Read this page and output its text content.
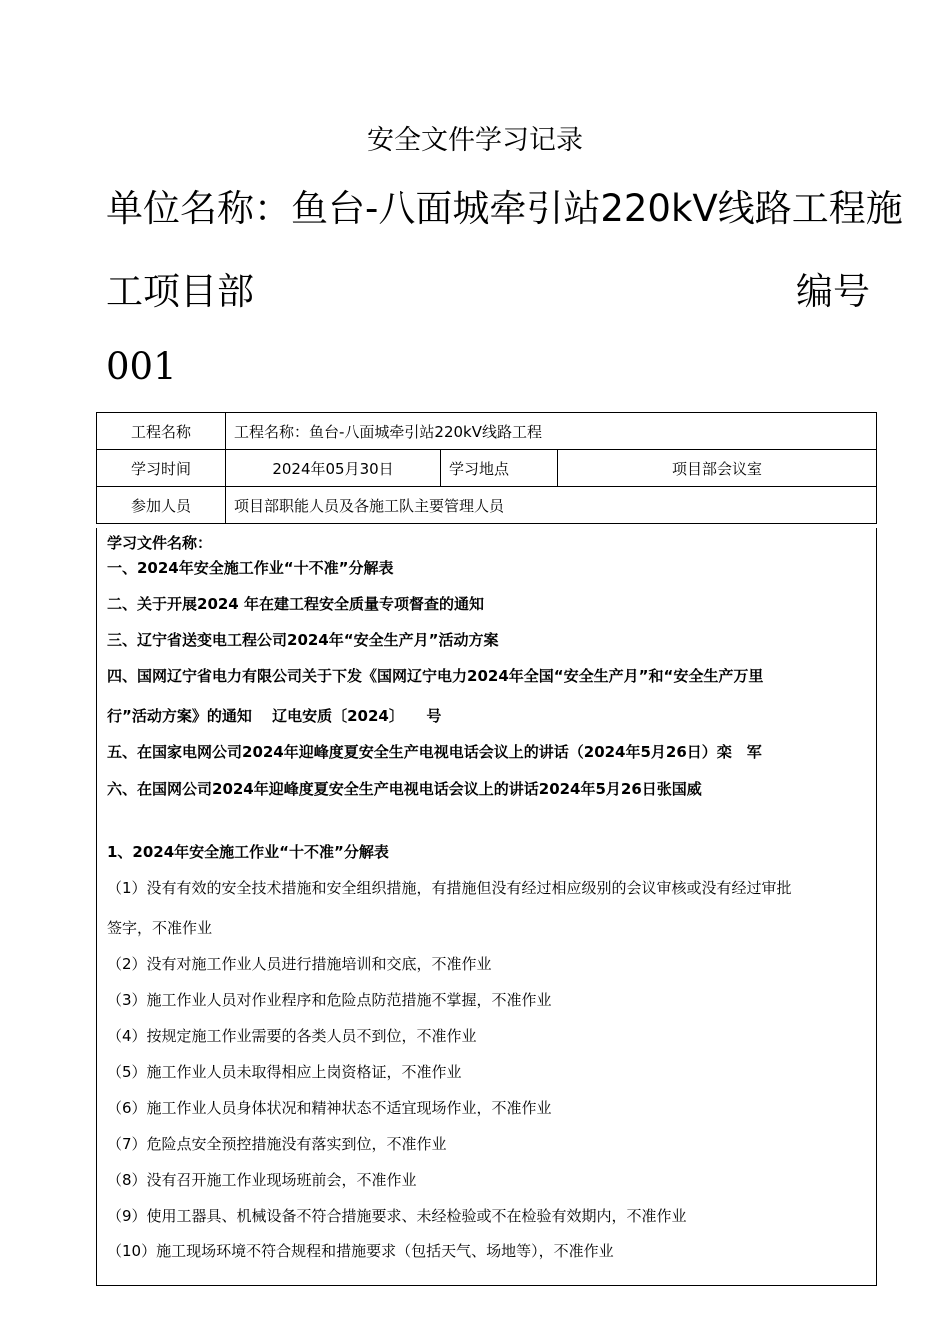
安全文件学习记录
单位名称：鱼台-八面城牵引站220kV线路工程施
工项目部	编号
001
工程名称	工程名称：鱼台-八面城牵引站220kV线路工程		
学习时间	2024年05月30日	学习地点	项目部会议室
参加人员	项目部职能人员及各施工队主要管理人员		
学习文件名称：
一、2024年安全施工作业“十不准”分解表
二、关于开展2024 年在建工程安全质量专项督查的通知
三、辽宁省送变电工程公司2024年“安全生产月”活动方案
四、国网辽宁省电力有限公司关于下发《国网辽宁电力2024年全国“安全生产月”和“安全生产万里
行”活动方案》的通知　 辽电安质〔2024〕　　号
五、在国家电网公司2024年迎峰度夏安全生产电视电话会议上的讲话（2024年5月26日）栾　军
六、在国网公司2024年迎峰度夏安全生产电视电话会议上的讲话2024年5月26日张国威
1、2024年安全施工作业“十不准”分解表
（1）没有有效的安全技术措施和安全组织措施，有措施但没有经过相应级别的会议审核或没有经过审批
签字，不准作业
（2）没有对施工作业人员进行措施培训和交底，不准作业
（3）施工作业人员对作业程序和危险点防范措施不掌握，不准作业
（4）按规定施工作业需要的各类人员不到位，不准作业
（5）施工作业人员未取得相应上岗资格证，不准作业
（6）施工作业人员身体状况和精神状态不适宜现场作业，不准作业
（7）危险点安全预控措施没有落实到位，不准作业
（8）没有召开施工作业现场班前会，不准作业
（9）使用工器具、机械设备不符合措施要求、未经检验或不在检验有效期内，不准作业
（10）施工现场环境不符合规程和措施要求（包括天气、场地等），不准作业
